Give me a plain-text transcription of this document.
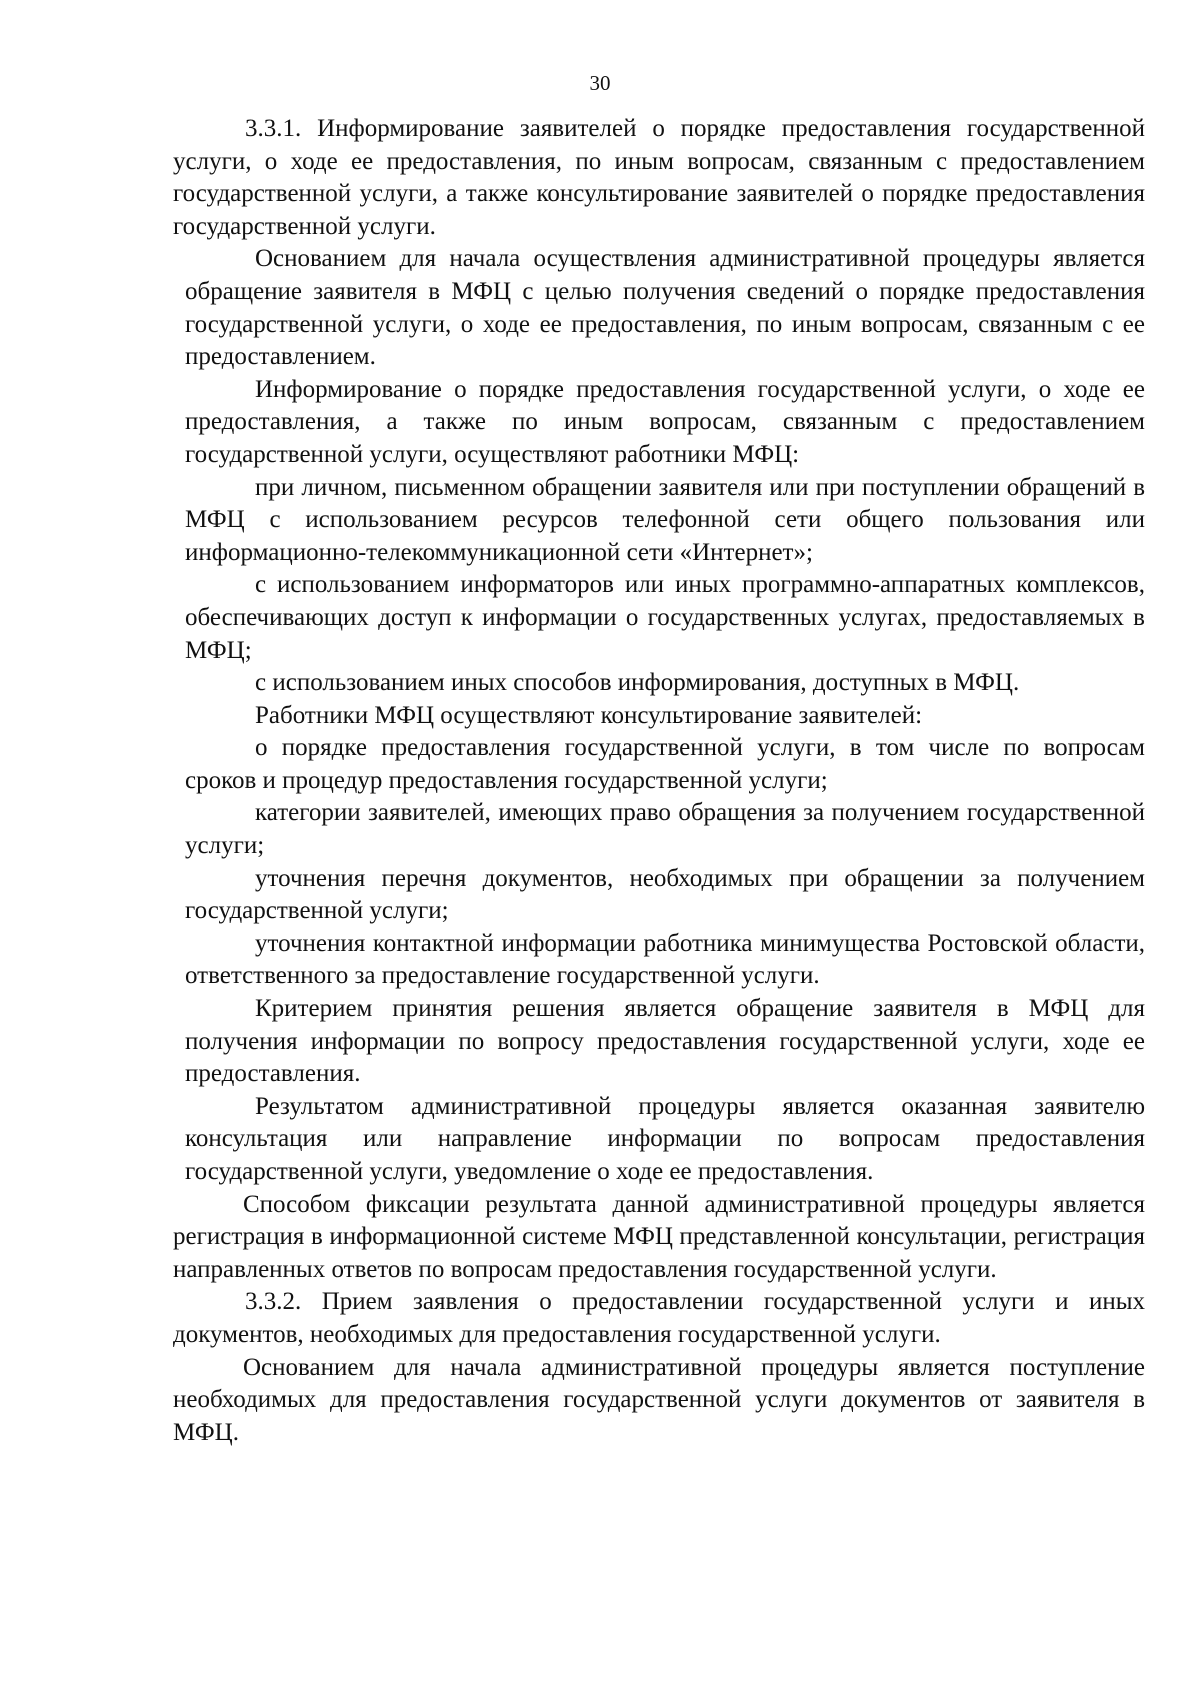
30

3.3.1. Информирование заявителей о порядке предоставления государственной услуги, о ходе ее предоставления, по иным вопросам, связанным с предоставлением государственной услуги, а также консультирование заявителей о порядке предоставления государственной услуги.

Основанием для начала осуществления административной процедуры является обращение заявителя в МФЦ с целью получения сведений о порядке предоставления государственной услуги, о ходе ее предоставления, по иным вопросам, связанным с ее предоставлением.

Информирование о порядке предоставления государственной услуги, о ходе ее предоставления, а также по иным вопросам, связанным с предоставлением государственной услуги, осуществляют работники МФЦ:

при личном, письменном обращении заявителя или при поступлении обращений в МФЦ с использованием ресурсов телефонной сети общего пользования или информационно-телекоммуникационной сети «Интернет»;

с использованием информаторов или иных программно-аппаратных комплексов, обеспечивающих доступ к информации о государственных услугах, предоставляемых в МФЦ;

с использованием иных способов информирования, доступных в МФЦ.

Работники МФЦ осуществляют консультирование заявителей:

о порядке предоставления государственной услуги, в том числе по вопросам сроков и процедур предоставления государственной услуги;

категории заявителей, имеющих право обращения за получением государственной услуги;

уточнения перечня документов, необходимых при обращении за получением государственной услуги;

уточнения контактной информации работника минимущества Ростовской области, ответственного за предоставление государственной услуги.

Критерием принятия решения является обращение заявителя в МФЦ для получения информации по вопросу предоставления государственной услуги, ходе ее предоставления.

Результатом административной процедуры является оказанная заявителю консультация или направление информации по вопросам предоставления государственной услуги, уведомление о ходе ее предоставления.

Способом фиксации результата данной административной процедуры является регистрация в информационной системе МФЦ представленной консультации, регистрация направленных ответов по вопросам предоставления государственной услуги.

3.3.2. Прием заявления о предоставлении государственной услуги и иных документов, необходимых для предоставления государственной услуги.

Основанием для начала административной процедуры является поступление необходимых для предоставления государственной услуги документов от заявителя в МФЦ.
